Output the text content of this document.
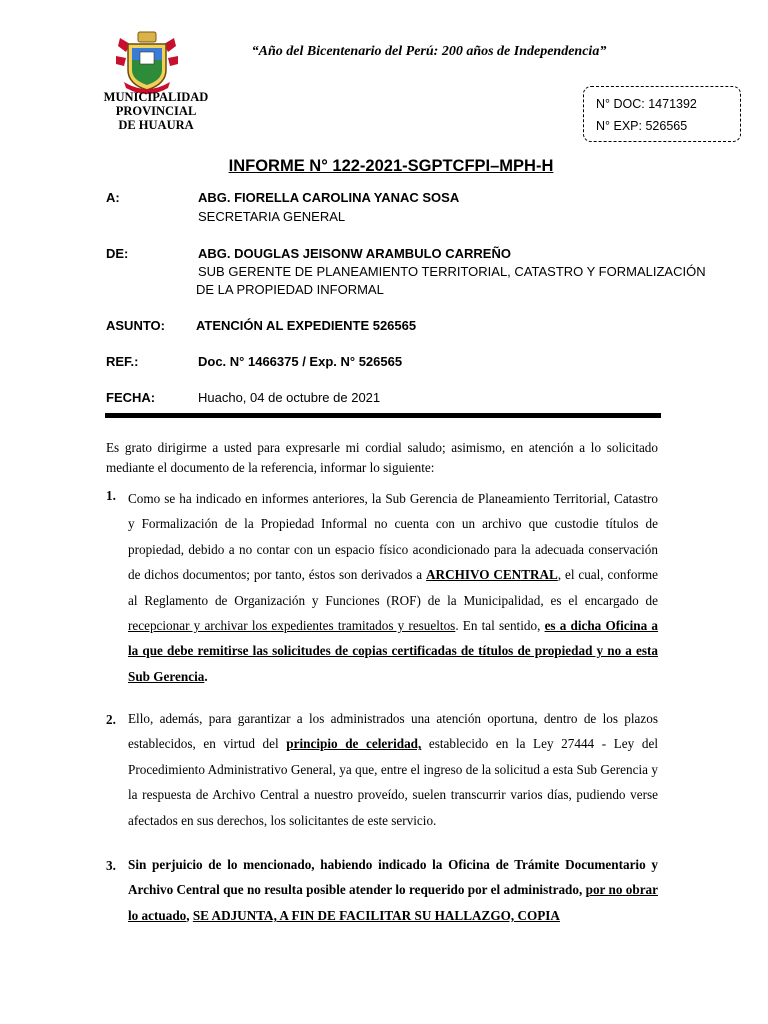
“Año del Bicentenario del Perú: 200 años de Independencia”
MUNICIPALIDAD PROVINCIAL
DE HUAURA
N° DOC: 1471392
N° EXP: 526565
INFORME N° 122-2021-SGPTCFPI–MPH-H
A:	ABG. FIORELLA CAROLINA YANAC SOSA
SECRETARIA GENERAL
DE:	ABG. DOUGLAS JEISONW ARAMBULO CARREÑO
SUB GERENTE DE PLANEAMIENTO TERRITORIAL, CATASTRO Y FORMALIZACIÓN
DE LA PROPIEDAD INFORMAL
ASUNTO: ATENCIÓN AL EXPEDIENTE 526565
REF.:	Doc. N° 1466375 / Exp. N° 526565
FECHA:	Huacho, 04 de octubre de 2021
Es grato dirigirme a usted para expresarle mi cordial saludo; asimismo, en atención a lo solicitado mediante el documento de la referencia, informar lo siguiente:
1. Como se ha indicado en informes anteriores, la Sub Gerencia de Planeamiento Territorial, Catastro y Formalización de la Propiedad Informal no cuenta con un archivo que custodie títulos de propiedad, debido a no contar con un espacio físico acondicionado para la adecuada conservación de dichos documentos; por tanto, éstos son derivados a ARCHIVO CENTRAL, el cual, conforme al Reglamento de Organización y Funciones (ROF) de la Municipalidad, es el encargado de recepcionar y archivar los expedientes tramitados y resueltos. En tal sentido, es a dicha Oficina a la que debe remitirse las solicitudes de copias certificadas de títulos de propiedad y no a esta Sub Gerencia.
2. Ello, además, para garantizar a los administrados una atención oportuna, dentro de los plazos establecidos, en virtud del principio de celeridad, establecido en la Ley 27444 - Ley del Procedimiento Administrativo General, ya que, entre el ingreso de la solicitud a esta Sub Gerencia y la respuesta de Archivo Central a nuestro proveído, suelen transcurrir varios días, pudiendo verse afectados en sus derechos, los solicitantes de este servicio.
3. Sin perjuicio de lo mencionado, habiendo indicado la Oficina de Trámite Documentario y Archivo Central que no resulta posible atender lo requerido por el administrado, por no obrar lo actuado, SE ADJUNTA, A FIN DE FACILITAR SU HALLAZGO, COPIA
